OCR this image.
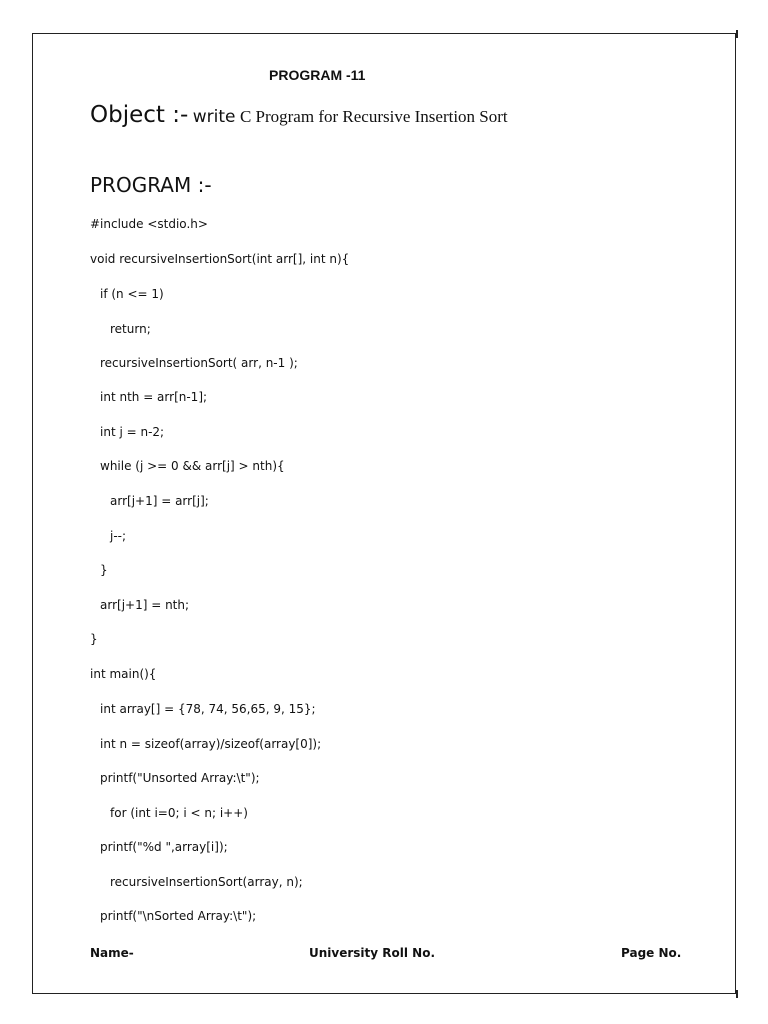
PROGRAM -11
Object :- write C Program for Recursive Insertion Sort
PROGRAM :-
#include <stdio.h>
void recursiveInsertionSort(int arr[], int n){
if (n <= 1)
return;
recursiveInsertionSort( arr, n-1 );
int nth = arr[n-1];
int j = n-2;
while (j >= 0 && arr[j] > nth){
arr[j+1] = arr[j];
j--;
}
arr[j+1] = nth;
}
int main(){
int array[] = {78, 74, 56,65, 9, 15};
int n = sizeof(array)/sizeof(array[0]);
printf("Unsorted Array:\t");
for (int i=0; i < n; i++)
printf("%d ",array[i]);
recursiveInsertionSort(array, n);
printf("\nSorted Array:\t");
Name-	University Roll No.	Page No.
